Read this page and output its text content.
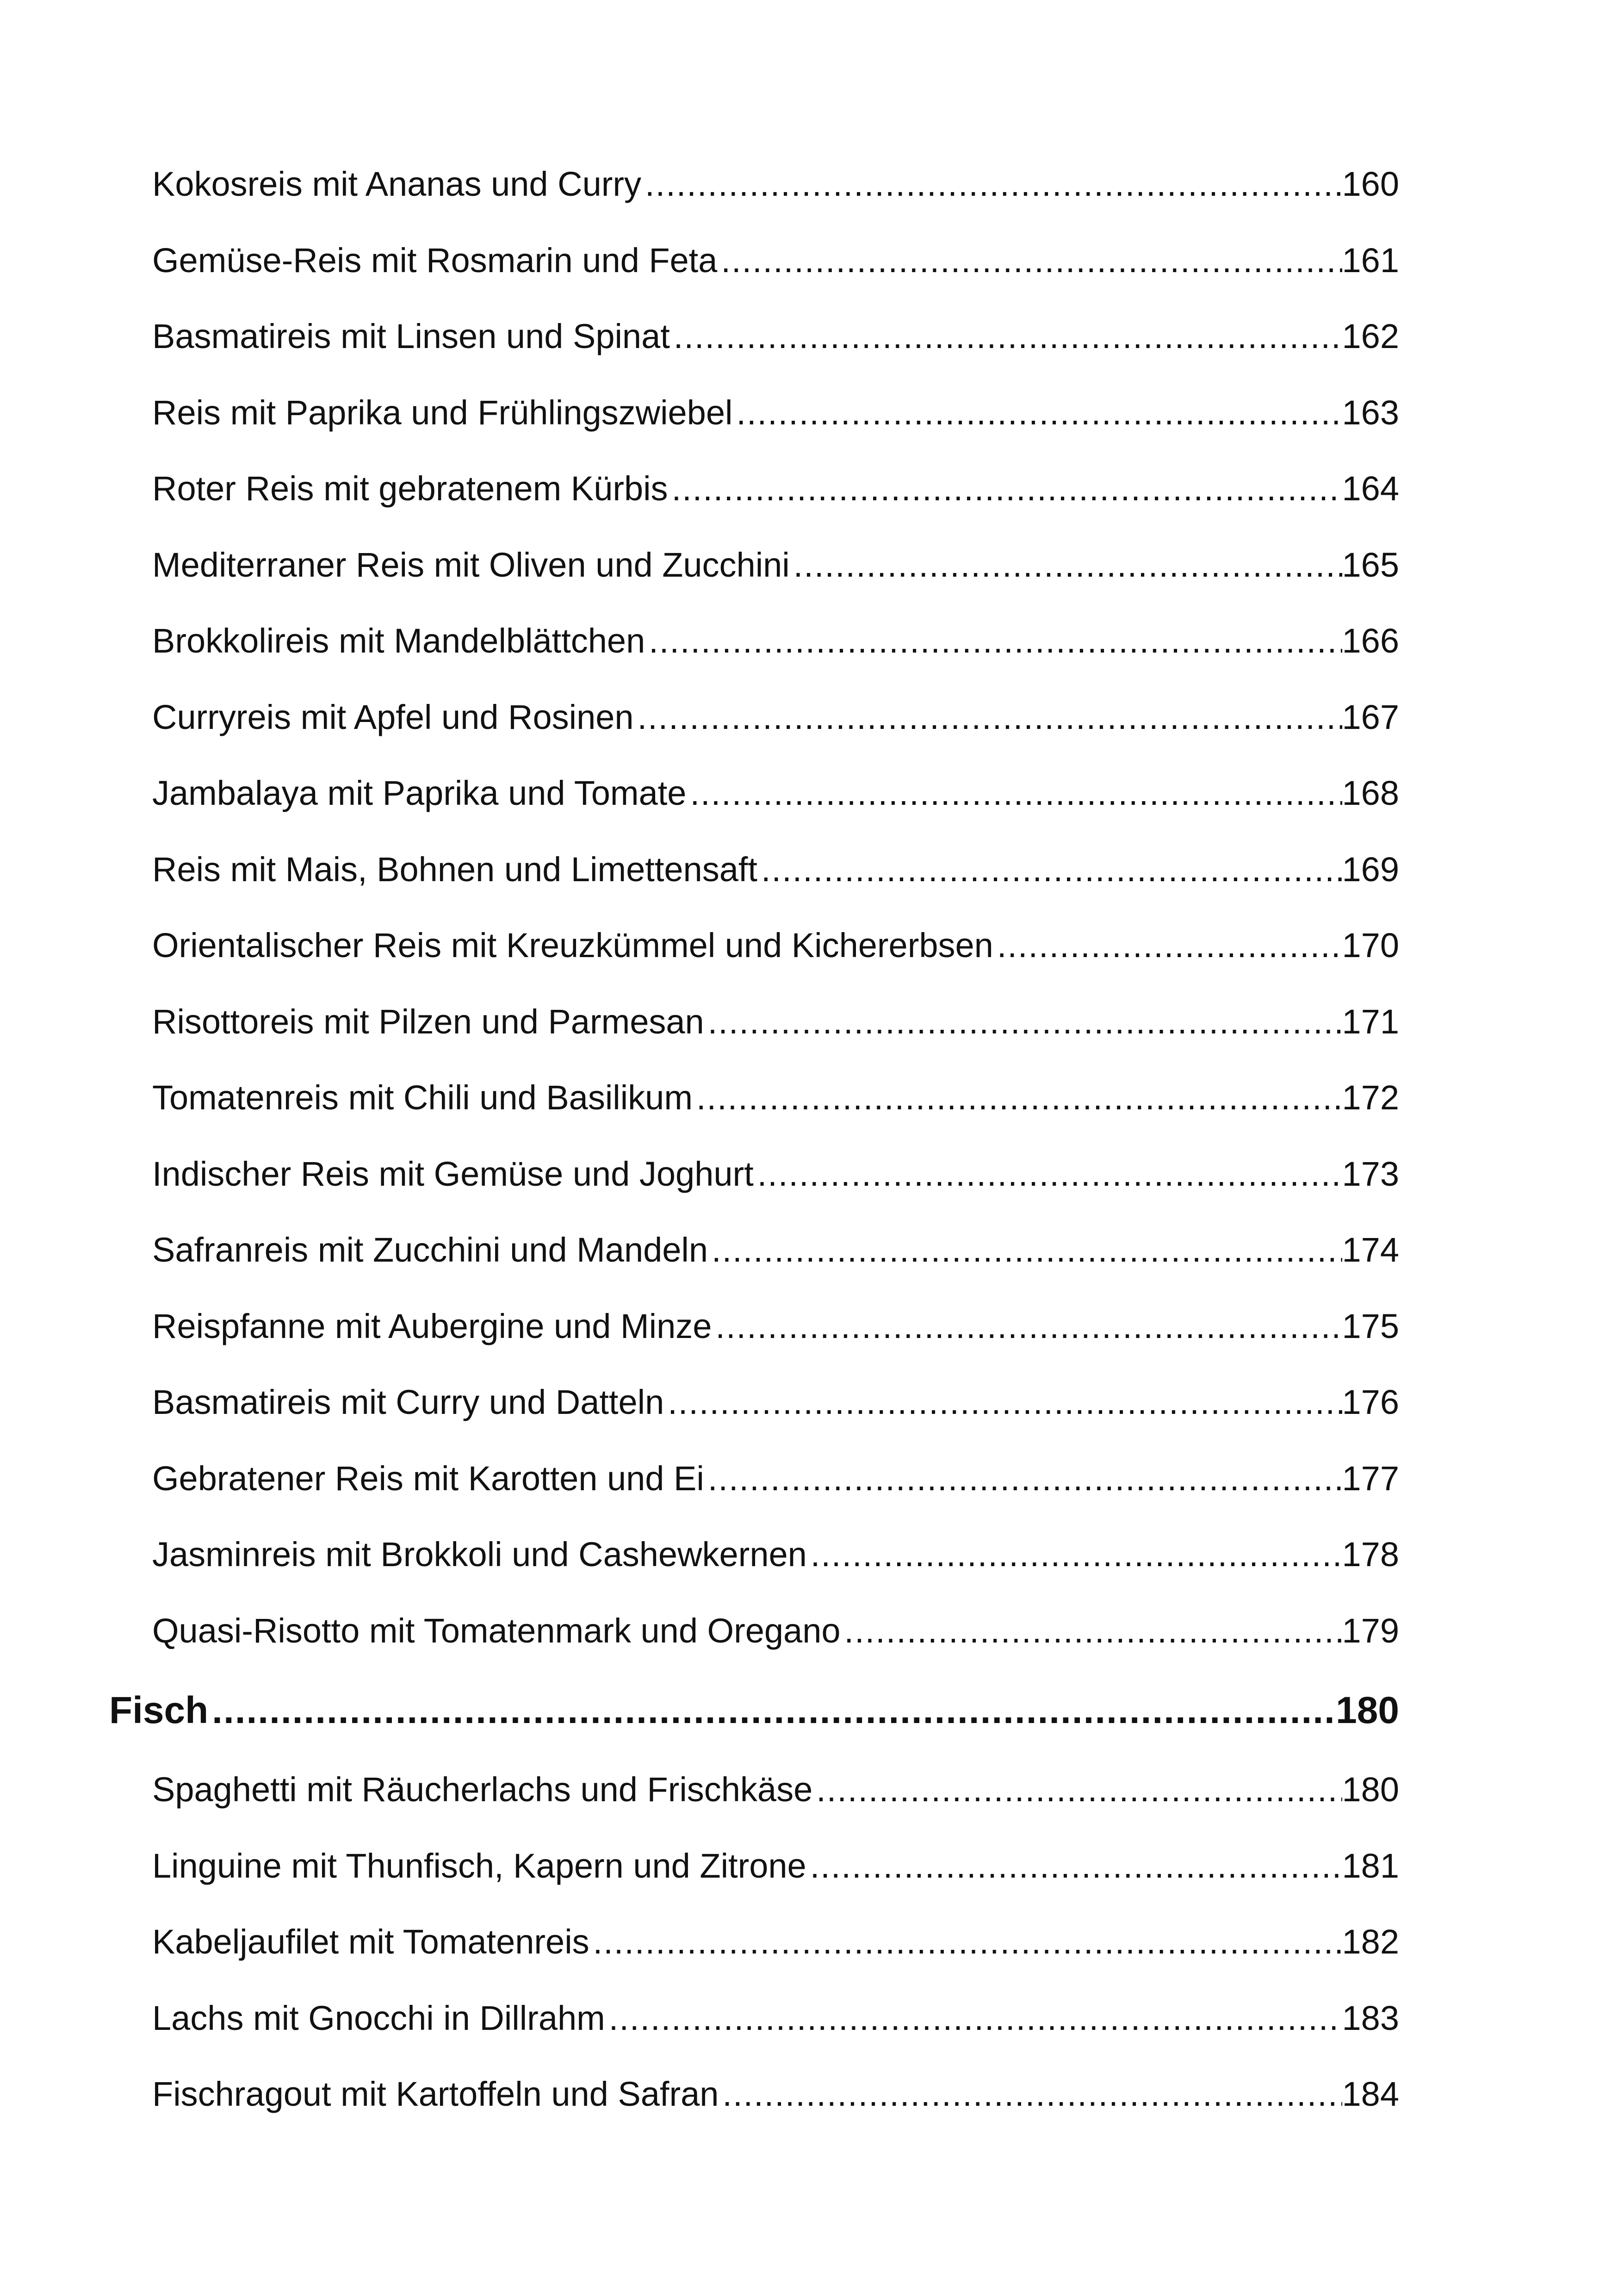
Kokosreis mit Ananas und Curry .....	160
Gemüse-Reis mit Rosmarin und Feta .....	161
Basmatireis mit Linsen und Spinat .....	162
Reis mit Paprika und Frühlingszwiebel .....	163
Roter Reis mit gebratenem Kürbis .....	164
Mediterraner Reis mit Oliven und Zucchini .....	165
Brokkolireis mit Mandelblättchen .....	166
Curryreis mit Apfel und Rosinen .....	167
Jambalaya mit Paprika und Tomate .....	168
Reis mit Mais, Bohnen und Limettensaft .....	169
Orientalischer Reis mit Kreuzkümmel und Kichererbsen .....	170
Risottoreis mit Pilzen und Parmesan .....	171
Tomatenreis mit Chili und Basilikum .....	172
Indischer Reis mit Gemüse und Joghurt .....	173
Safranreis mit Zucchini und Mandeln .....	174
Reispfanne mit Aubergine und Minze .....	175
Basmatireis mit Curry und Datteln .....	176
Gebratener Reis mit Karotten und Ei .....	177
Jasminreis mit Brokkoli und Cashewkernen .....	178
Quasi-Risotto mit Tomatenmark und Oregano .....	179
Fisch .....	180
Spaghetti mit Räucherlachs und Frischkäse .....	180
Linguine mit Thunfisch, Kapern und Zitrone .....	181
Kabeljaufilet mit Tomatenreis .....	182
Lachs mit Gnocchi in Dillrahm .....	183
Fischragout mit Kartoffeln und Safran .....	184
